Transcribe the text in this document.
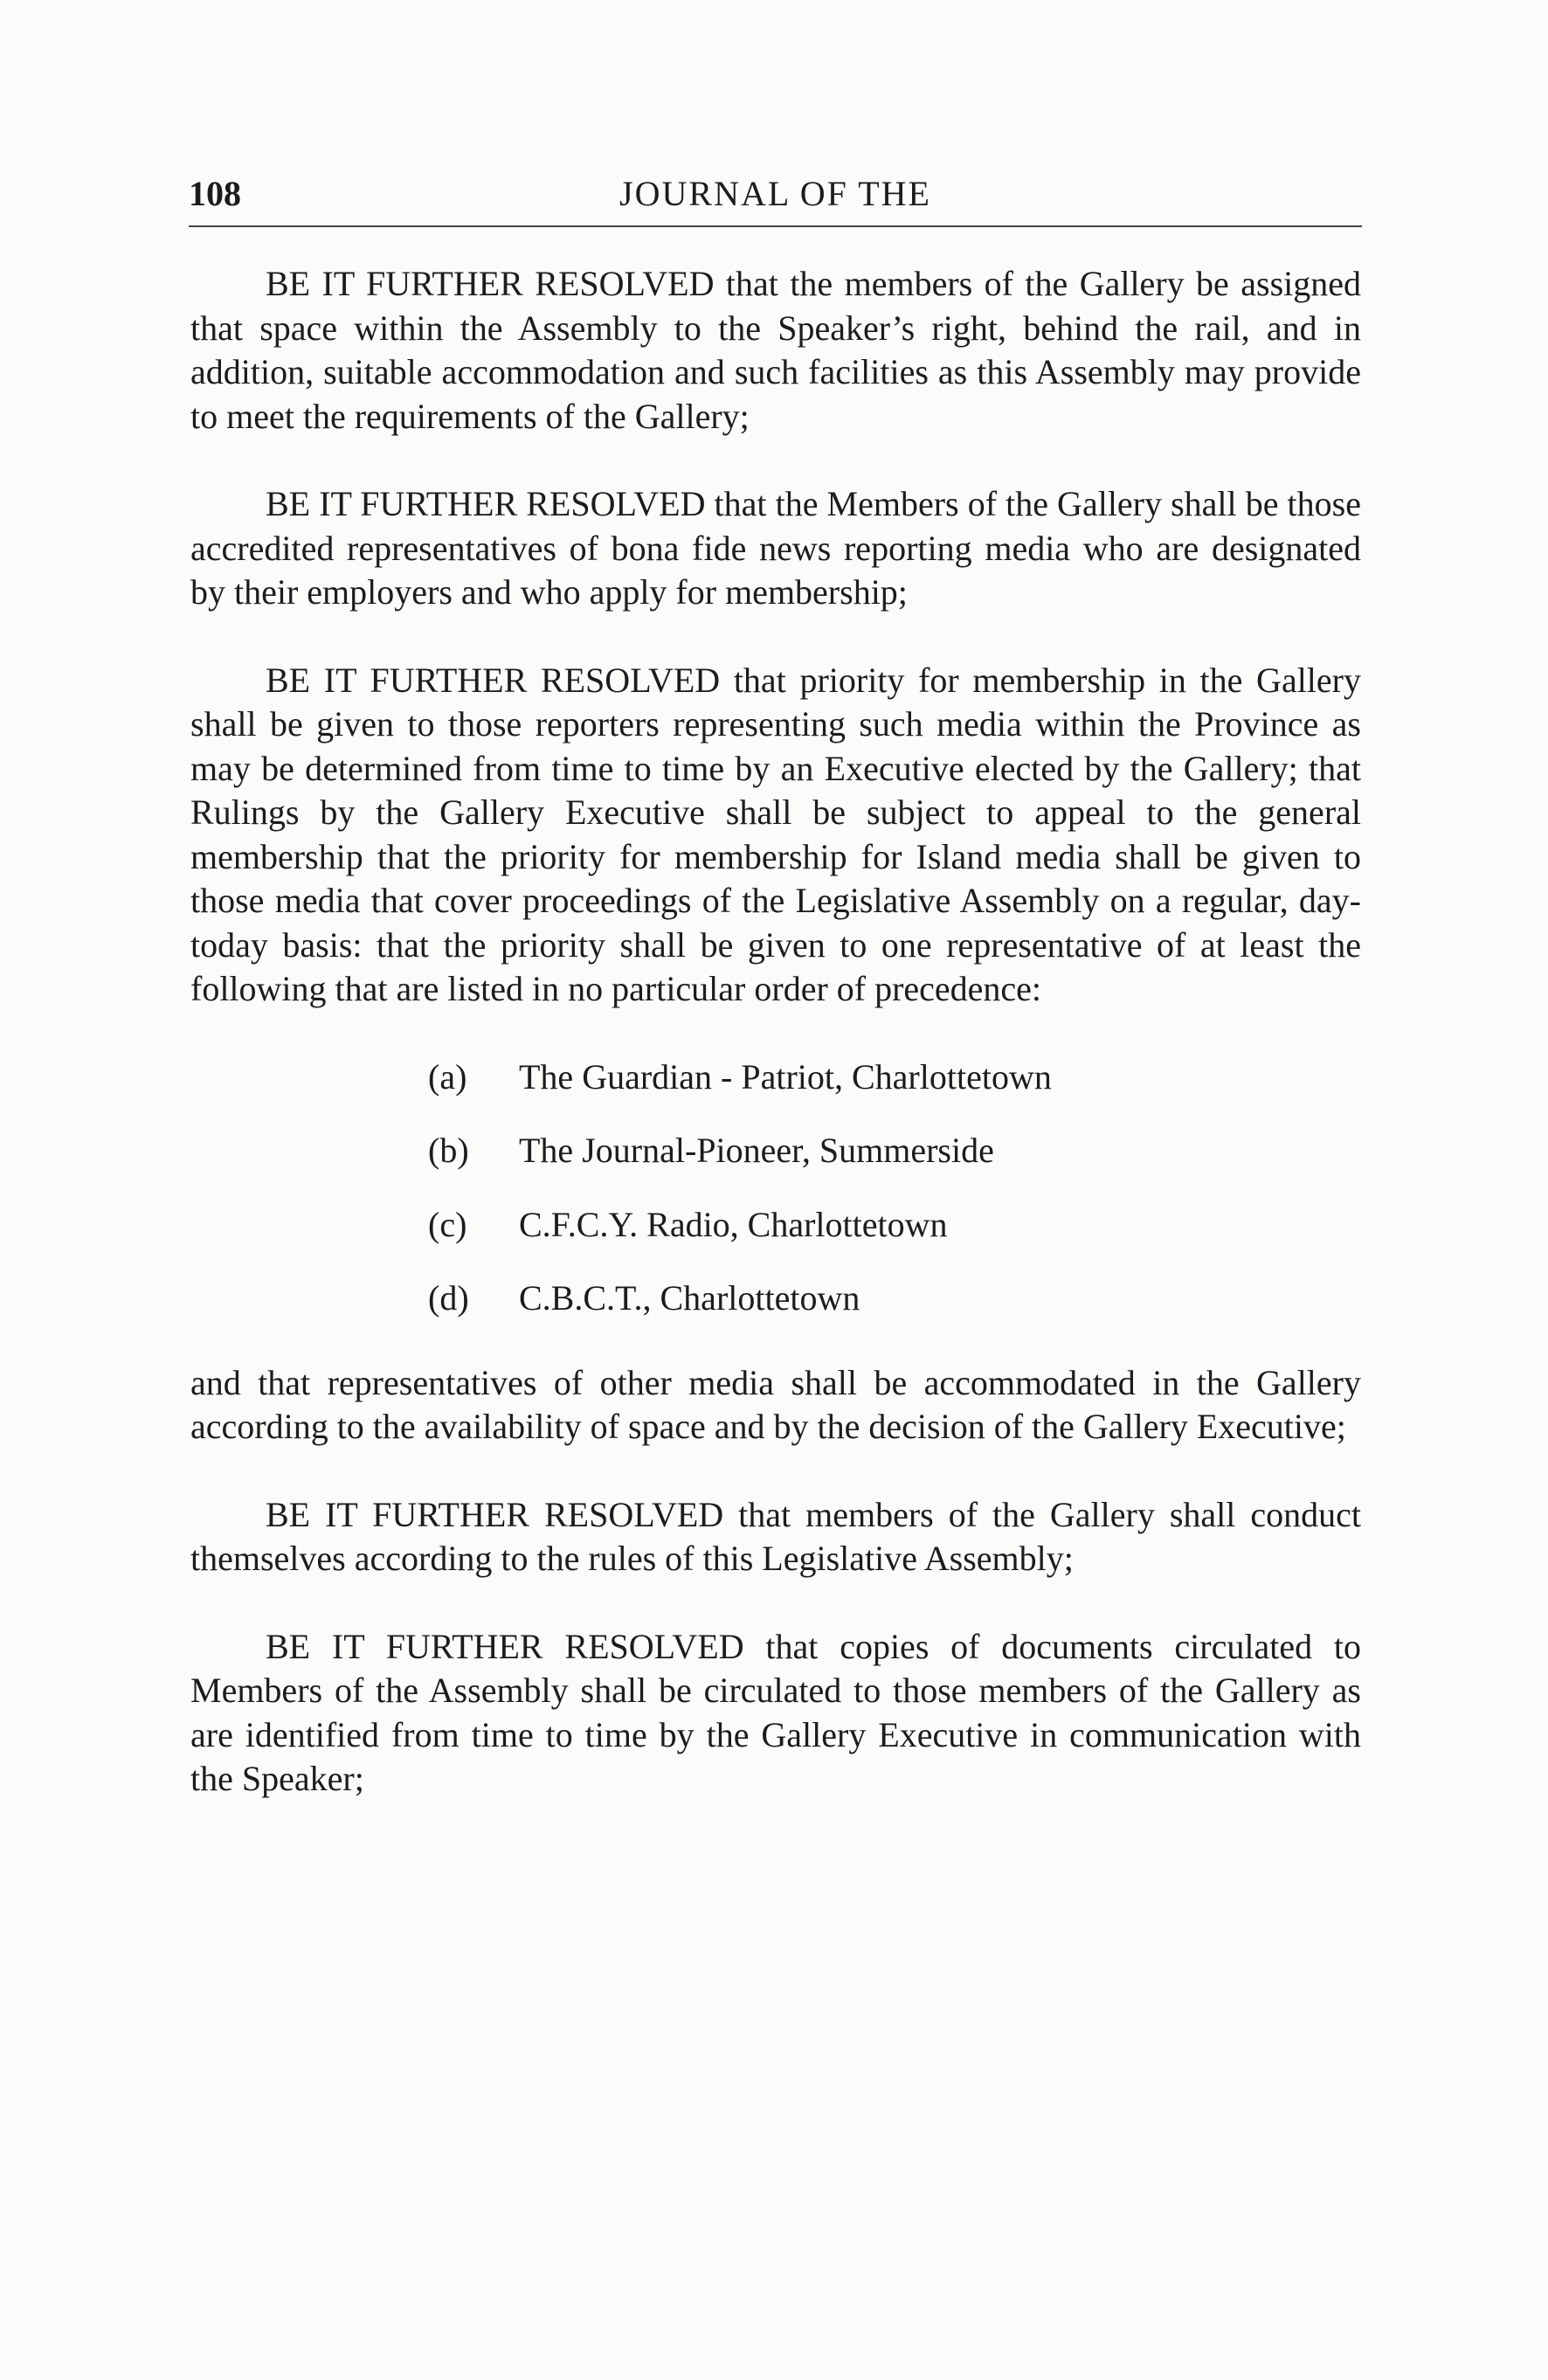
108	JOURNAL OF THE

BE IT FURTHER RESOLVED that the members of the Gallery be assigned that space within the Assembly to the Speaker’s right, behind the rail, and in addition, suitable accommodation and such facilities as this Assembly may provide to meet the requirements of the Gallery;

BE IT FURTHER RESOLVED that the Members of the Gallery shall be those accredited representatives of bona fide news reporting media who are designated by their employers and who apply for membership;

BE IT FURTHER RESOLVED that priority for membership in the Gallery shall be given to those reporters representing such media within the Province as may be determined from time to time by an Executive elected by the Gallery; that Rulings by the Gallery Executive shall be subject to appeal to the general membership that the priority for membership for Island media shall be given to those media that cover proceedings of the Legislative Assembly on a regular, day-today basis: that the priority shall be given to one representative of at least the following that are listed in no particular order of precedence:

(a)	The Guardian - Patriot, Charlottetown
(b)	The Journal-Pioneer, Summerside
(c)	C.F.C.Y. Radio, Charlottetown
(d)	C.B.C.T., Charlottetown

and that representatives of other media shall be accommodated in the Gallery according to the availability of space and by the decision of the Gallery Executive;

BE IT FURTHER RESOLVED that members of the Gallery shall conduct themselves according to the rules of this Legislative Assembly;

BE IT FURTHER RESOLVED that copies of documents circulated to Members of the Assembly shall be circulated to those members of the Gallery as are identified from time to time by the Gallery Executive in communication with the Speaker;
